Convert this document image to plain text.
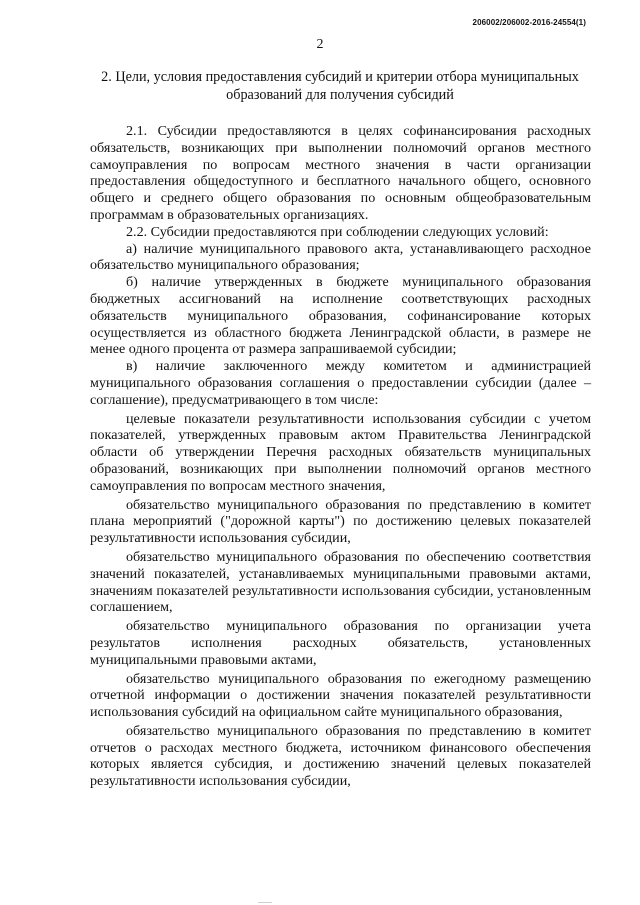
206002/206002-2016-24554(1)
2
2. Цели, условия предоставления субсидий и критерии отбора муниципальных образований для получения субсидий

2.1. Субсидии предоставляются в целях софинансирования расходных обязательств, возникающих при выполнении полномочий органов местного самоуправления по вопросам местного значения в части организации предоставления общедоступного и бесплатного начального общего, основного общего и среднего общего образования по основным общеобразовательным программам в образовательных организациях.

2.2. Субсидии предоставляются при соблюдении следующих условий:

а) наличие муниципального правового акта, устанавливающего расходное обязательство муниципального образования;

б) наличие утвержденных в бюджете муниципального образования бюджетных ассигнований на исполнение соответствующих расходных обязательств муниципального образования, софинансирование которых осуществляется из областного бюджета Ленинградской области, в размере не менее одного процента от размера запрашиваемой субсидии;

в) наличие заключенного между комитетом и администрацией муниципального образования соглашения о предоставлении субсидии (далее – соглашение), предусматривающего в том числе:

целевые показатели результативности использования субсидии с учетом показателей, утвержденных правовым актом Правительства Ленинградской области об утверждении Перечня расходных обязательств муниципальных образований, возникающих при выполнении полномочий органов местного самоуправления по вопросам местного значения,

обязательство муниципального образования по представлению в комитет плана мероприятий ("дорожной карты") по достижению целевых показателей результативности использования субсидии,

обязательство муниципального образования по обеспечению соответствия значений показателей, устанавливаемых муниципальными правовыми актами, значениям показателей результативности использования субсидии, установленным соглашением,

обязательство муниципального образования по организации учета результатов исполнения расходных обязательств, установленных муниципальными правовыми актами,

обязательство муниципального образования по ежегодному размещению отчетной информации о достижении значения показателей результативности использования субсидий на официальном сайте муниципального образования,

обязательство муниципального образования по представлению в комитет отчетов о расходах местного бюджета, источником финансового обеспечения которых является субсидия, и достижению значений целевых показателей результативности использования субсидии,
